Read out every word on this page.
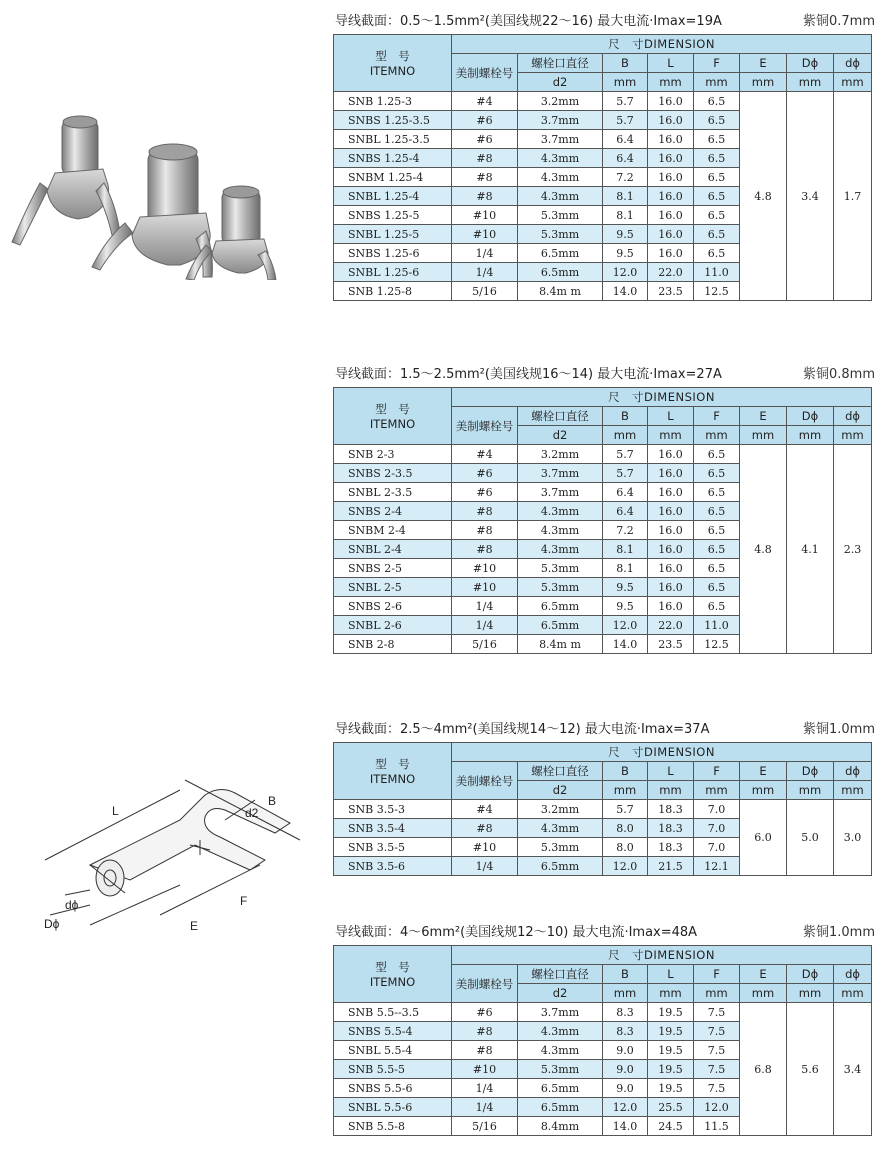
L
B
d2
F
E
dϕ
Dϕ
导线截面：0.5～1.5mm²(美国线规22～16) 最大电流·Imax=19A	紫铜0.7mm
型　号
ITEMNO	尺　寸DIMENSION							
	美制螺栓号	螺栓口直径	B	L	F	E	Dϕ	dϕ
		d2	mm	mm	mm	mm	mm	mm
SNB 1.25-3	#4	3.2mm	5.7	16.0	6.5	4.8	3.4	1.7
SNBS 1.25-3.5	#6	3.7mm	5.7	16.0	6.5			
SNBL 1.25-3.5	#6	3.7mm	6.4	16.0	6.5			
SNBS 1.25-4	#8	4.3mm	6.4	16.0	6.5			
SNBM 1.25-4	#8	4.3mm	7.2	16.0	6.5			
SNBL 1.25-4	#8	4.3mm	8.1	16.0	6.5			
SNBS 1.25-5	#10	5.3mm	8.1	16.0	6.5			
SNBL 1.25-5	#10	5.3mm	9.5	16.0	6.5			
SNBS 1.25-6	1/4	6.5mm	9.5	16.0	6.5			
SNBL 1.25-6	1/4	6.5mm	12.0	22.0	11.0			
SNB 1.25-8	5/16	8.4m m	14.0	23.5	12.5			
导线截面：1.5～2.5mm²(美国线规16～14) 最大电流·Imax=27A	紫铜0.8mm
型　号
ITEMNO	尺　寸DIMENSION							
	美制螺栓号	螺栓口直径	B	L	F	E	Dϕ	dϕ
		d2	mm	mm	mm	mm	mm	mm
SNB 2-3	#4	3.2mm	5.7	16.0	6.5	4.8	4.1	2.3
SNBS 2-3.5	#6	3.7mm	5.7	16.0	6.5			
SNBL 2-3.5	#6	3.7mm	6.4	16.0	6.5			
SNBS 2-4	#8	4.3mm	6.4	16.0	6.5			
SNBM 2-4	#8	4.3mm	7.2	16.0	6.5			
SNBL 2-4	#8	4.3mm	8.1	16.0	6.5			
SNBS 2-5	#10	5.3mm	8.1	16.0	6.5			
SNBL 2-5	#10	5.3mm	9.5	16.0	6.5			
SNBS 2-6	1/4	6.5mm	9.5	16.0	6.5			
SNBL 2-6	1/4	6.5mm	12.0	22.0	11.0			
SNB 2-8	5/16	8.4m m	14.0	23.5	12.5			
导线截面：2.5～4mm²(美国线规14～12) 最大电流·Imax=37A	紫铜1.0mm
型　号
ITEMNO	尺　寸DIMENSION							
	美制螺栓号	螺栓口直径	B	L	F	E	Dϕ	dϕ
		d2	mm	mm	mm	mm	mm	mm
SNB 3.5-3	#4	3.2mm	5.7	18.3	7.0	6.0	5.0	3.0
SNB 3.5-4	#8	4.3mm	8.0	18.3	7.0			
SNB 3.5-5	#10	5.3mm	8.0	18.3	7.0			
SNB 3.5-6	1/4	6.5mm	12.0	21.5	12.1			
导线截面：4～6mm²(美国线规12～10) 最大电流·Imax=48A	紫铜1.0mm
型　号
ITEMNO	尺　寸DIMENSION							
	美制螺栓号	螺栓口直径	B	L	F	E	Dϕ	dϕ
		d2	mm	mm	mm	mm	mm	mm
SNB 5.5--3.5	#6	3.7mm	8.3	19.5	7.5	6.8	5.6	3.4
SNBS 5.5-4	#8	4.3mm	8.3	19.5	7.5			
SNBL 5.5-4	#8	4.3mm	9.0	19.5	7.5			
SNB 5.5-5	#10	5.3mm	9.0	19.5	7.5			
SNBS 5.5-6	1/4	6.5mm	9.0	19.5	7.5			
SNBL 5.5-6	1/4	6.5mm	12.0	25.5	12.0			
SNB 5.5-8	5/16	8.4mm	14.0	24.5	11.5			
